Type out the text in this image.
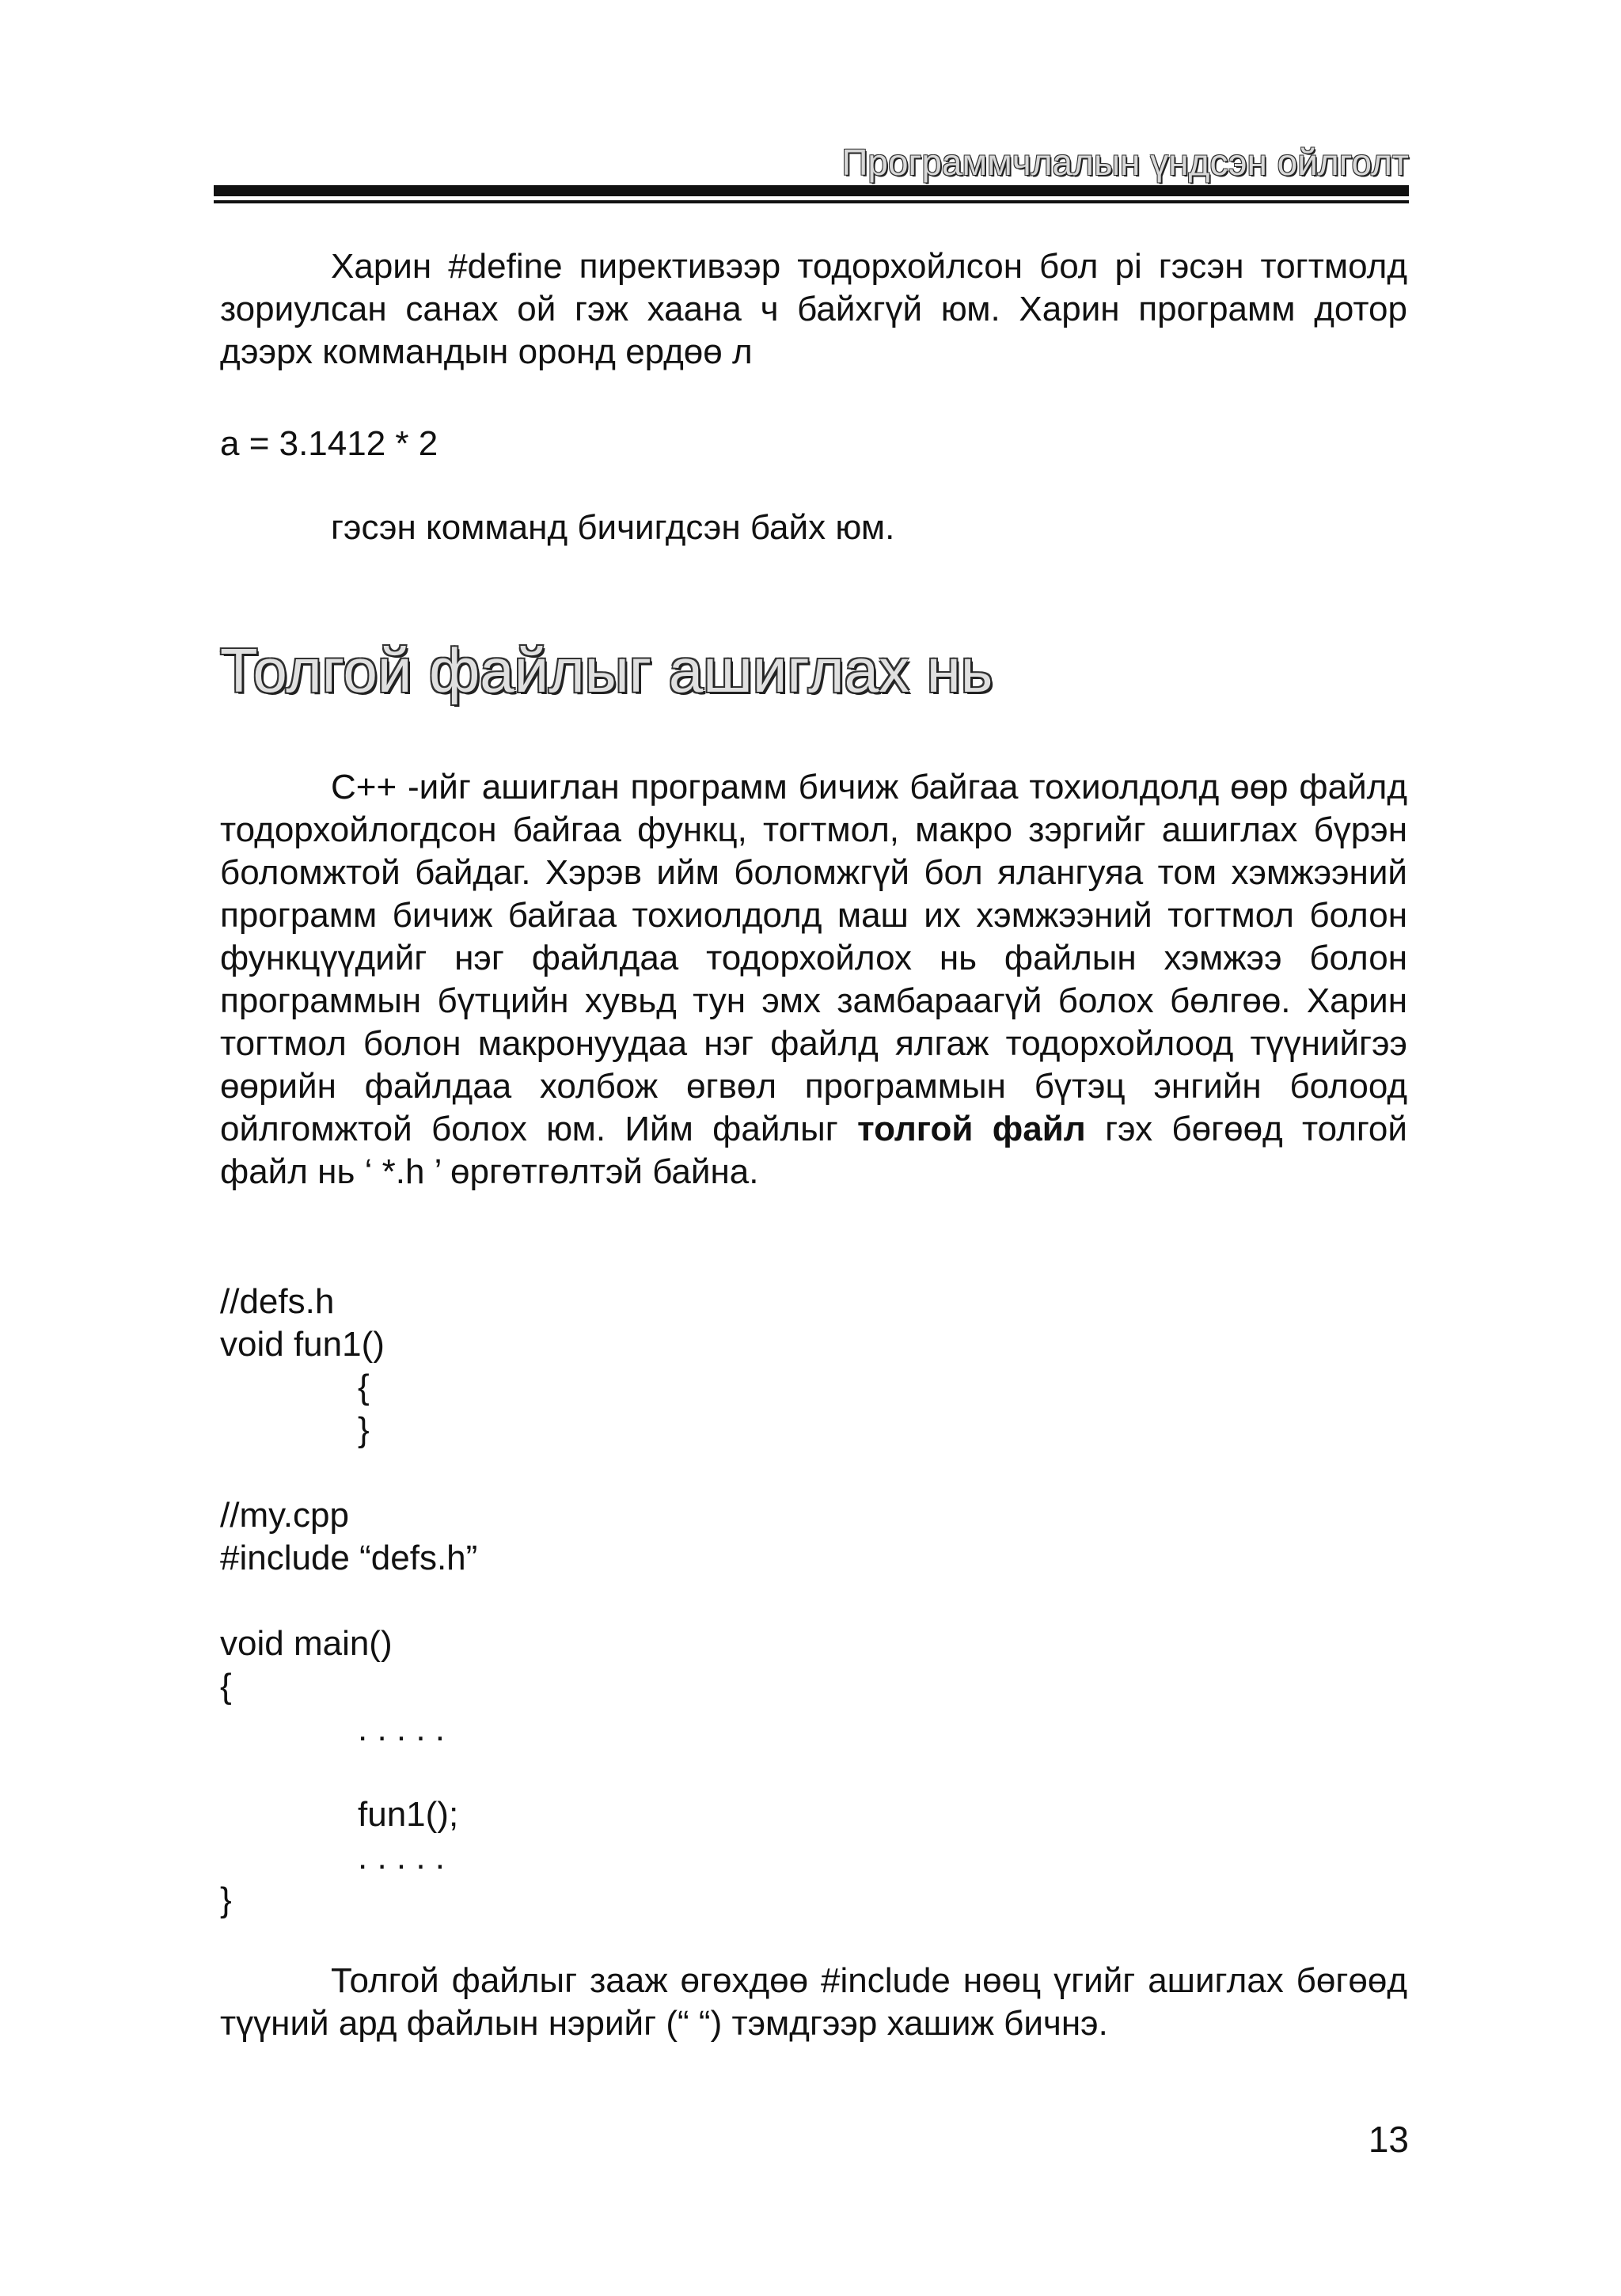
Программчлалын үндсэн ойлголт

Харин #define пирективээр тодорхойлсон бол pi гэсэн тогтмолд зориулсан санах ой гэж хаана ч байхгүй юм. Харин программ дотор дээрх коммандын оронд ердөө л

a = 3.1412 * 2
гэсэн комманд бичигдсэн байх юм.
Толгой файлыг ашиглах нь

С++ -ийг ашиглан программ бичиж байгаа тохиолдолд өөр файлд тодорхойлогдсон байгаа функц, тогтмол, макро зэргийг ашиглах бүрэн боломжтой байдаг. Хэрэв ийм боломжгүй бол ялангуяа том хэмжээний программ бичиж байгаа тохиолдолд маш их хэмжээний тогтмол болон функцүүдийг нэг файлдаа тодорхойлох нь файлын хэмжээ болон программын бүтцийн хувьд тун эмх замбараагүй болох бөлгөө. Харин тогтмол болон макронуудаа нэг файлд ялгаж тодорхойлоод түүнийгээ өөрийн файлдаа холбож өгвөл программын бүтэц энгийн болоод ойлгомжтой болох юм. Ийм файлыг толгой файл гэх бөгөөд толгой файл нь ‘ *.h ’ өргөтгөлтэй байна.

//defs.h
void fun1()
{
}
//my.cpp
#include “defs.h”
void main()
{
. . . . .
fun1();
. . . . .
}

Толгой файлыг зааж өгөхдөө #include нөөц үгийг ашиглах бөгөөд түүний ард файлын нэрийг (“ “) тэмдгээр хашиж бичнэ.

13
